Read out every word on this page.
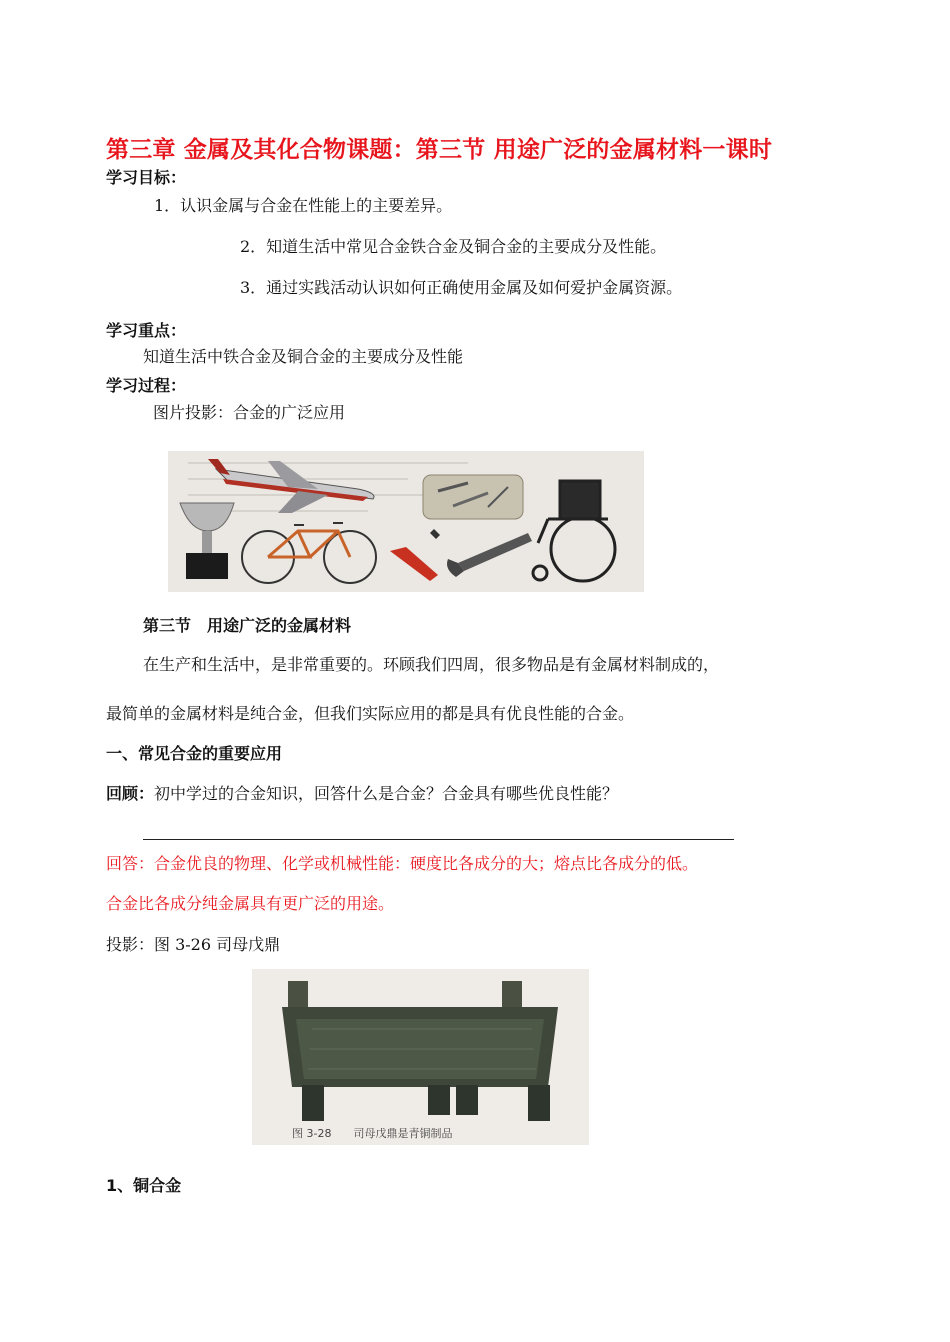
第三章 金属及其化合物课题：第三节 用途广泛的金属材料一课时
学习目标：
1．认识金属与合金在性能上的主要差异。
2．知道生活中常见合金铁合金及铜合金的主要成分及性能。
3．通过实践活动认识如何正确使用金属及如何爱护金属资源。
学习重点：
知道生活中铁合金及铜合金的主要成分及性能
学习过程：
图片投影：合金的广泛应用
第三节　用途广泛的金属材料
在生产和生活中，是非常重要的。环顾我们四周，很多物品是有金属材料制成的，
最简单的金属材料是纯合金，但我们实际应用的都是具有优良性能的合金。
一、常见合金的重要应用
回顾：初中学过的合金知识，回答什么是合金？合金具有哪些优良性能？
回答：合金优良的物理、化学或机械性能：硬度比各成分的大；熔点比各成分的低。
合金比各成分纯金属具有更广泛的用途。
投影：图 3-26 司母戊鼎
图 3-28　　司母戊鼎是青铜制品
1、铜合金
